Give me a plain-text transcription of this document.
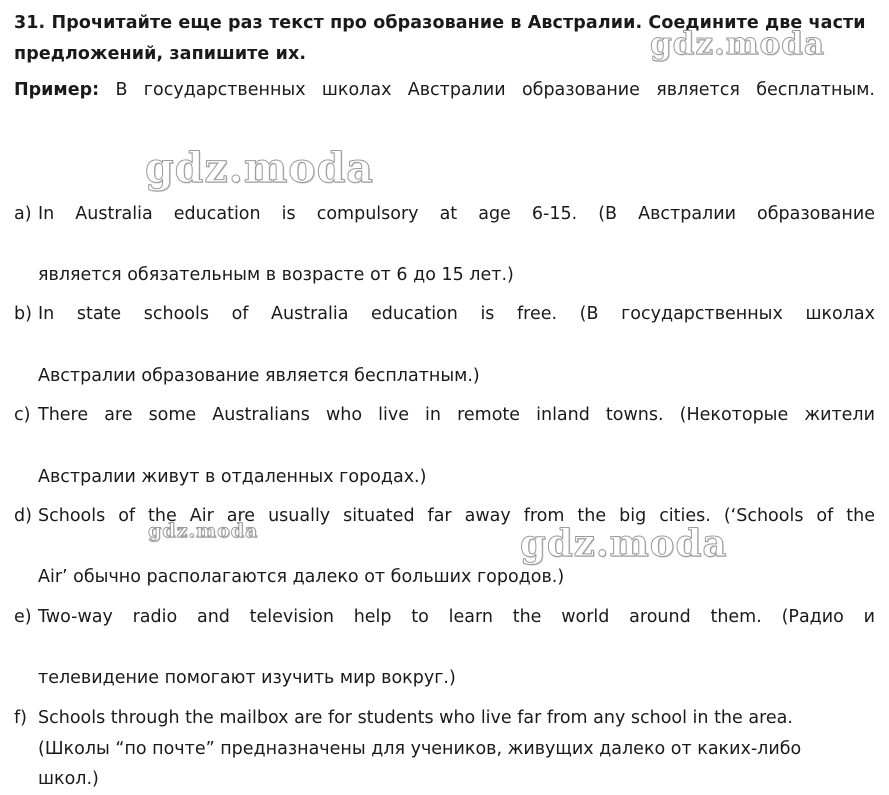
31. Прочитайте еще раз текст про образование в Австралии. Соедините две части предложений, запишите их.
Пример: В государственных школах Австралии образование является бесплатным.
a) In Australia education is compulsory at age 6-15. (В Австралии образование
является обязательным в возрасте от 6 до 15 лет.)
b) In state schools of Australia education is free. (В государственных школах
Австралии образование является бесплатным.)
c) There are some Australians who live in remote inland towns. (Некоторые жители
Австралии живут в отдаленных городах.)
d) Schools of the Air are usually situated far away from the big cities. (‘Schools of the
Air’ обычно располагаются далеко от больших городов.)
e) Two-way radio and television help to learn the world around them. (Радио и
телевидение помогают изучить мир вокруг.)
f) Schools through the mailbox are for students who live far from any school in the area.
(Школы “по почте” предназначены для учеников, живущих далеко от каких-либо
школ.)
gdz.moda
gdz.moda
gdz.moda	gdz.moda
